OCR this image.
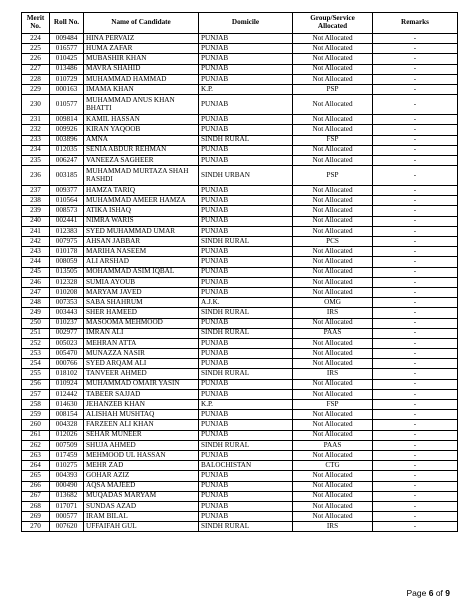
Merit No.	Roll No.	Name of Candidate	Domicile	Group/Service Allocated	Remarks
224	009484	HINA PERVAIZ	PUNJAB	Not Allocated	-
225	016577	HUMA ZAFAR	PUNJAB	Not Allocated	-
226	010425	MUBASHIR KHAN	PUNJAB	Not Allocated	-
227	013486	MAVRA SHAHID	PUNJAB	Not Allocated	-
228	010729	MUHAMMAD HAMMAD	PUNJAB	Not Allocated	-
229	000163	IMAMA KHAN	K.P.	PSP	-
230	010577	MUHAMMAD ANUS KHAN BHATTI	PUNJAB	Not Allocated	-
231	009814	KAMIL HASSAN	PUNJAB	Not Allocated	-
232	009926	KIRAN YAQOOB	PUNJAB	Not Allocated	-
233	003896	AMNA	SINDH RURAL	FSP	-
234	012035	SENIA ABDUR REHMAN	PUNJAB	Not Allocated	-
235	006247	VANEEZA SAGHEER	PUNJAB	Not Allocated	-
236	003185	MUHAMMAD MURTAZA SHAH RASHDI	SINDH URBAN	PSP	-
237	009377	HAMZA TARIQ	PUNJAB	Not Allocated	-
238	010564	MUHAMMAD AMEER HAMZA	PUNJAB	Not Allocated	-
239	008573	ATIKA ISHAQ	PUNJAB	Not Allocated	-
240	002441	NIMRA WARIS	PUNJAB	Not Allocated	-
241	012383	SYED MUHAMMAD UMAR	PUNJAB	Not Allocated	-
242	007975	AHSAN JABBAR	SINDH RURAL	PCS	-
243	010178	MARIHA NASEEM	PUNJAB	Not Allocated	-
244	008059	ALI ARSHAD	PUNJAB	Not Allocated	-
245	013505	MOHAMMAD ASIM IQBAL	PUNJAB	Not Allocated	-
246	012328	SUMIA AYOUB	PUNJAB	Not Allocated	-
247	010208	MARYAM JAVED	PUNJAB	Not Allocated	-
248	007353	SABA SHAHRUM	A.J.K.	OMG	-
249	003443	SHER HAMEED	SINDH RURAL	IRS	-
250	010237	MASOOMA MEHMOOD	PUNJAB	Not Allocated	-
251	002977	IMRAN ALI	SINDH RURAL	PAAS	-
252	005023	MEHRAN ATTA	PUNJAB	Not Allocated	-
253	005470	MUNAZZA NASIR	PUNJAB	Not Allocated	-
254	000766	SYED ARQAM ALI	PUNJAB	Not Allocated	-
255	018102	TANVEER AHMED	SINDH RURAL	IRS	-
256	010924	MUHAMMAD OMAIR YASIN	PUNJAB	Not Allocated	-
257	012442	TABEER SAJJAD	PUNJAB	Not Allocated	-
258	014630	JEHANZEB KHAN	K.P.	FSP	-
259	008154	ALISHAH MUSHTAQ	PUNJAB	Not Allocated	-
260	004328	FARZEEN ALI KHAN	PUNJAB	Not Allocated	-
261	012026	SEHAR MUNEER	PUNJAB	Not Allocated	-
262	007509	SHUJA AHMED	SINDH RURAL	PAAS	-
263	017459	MEHMOOD UL HASSAN	PUNJAB	Not Allocated	-
264	010275	MEHR ZAD	BALOCHISTAN	CTG	-
265	004393	GOHAR AZIZ	PUNJAB	Not Allocated	-
266	000490	AQSA MAJEED	PUNJAB	Not Allocated	-
267	013682	MUQADAS MARYAM	PUNJAB	Not Allocated	-
268	017071	SUNDAS AZAD	PUNJAB	Not Allocated	-
269	000577	IRAM BILAL	PUNJAB	Not Allocated	-
270	007620	UFFAIFAH GUL	SINDH RURAL	IRS	-
Page 6 of 9
